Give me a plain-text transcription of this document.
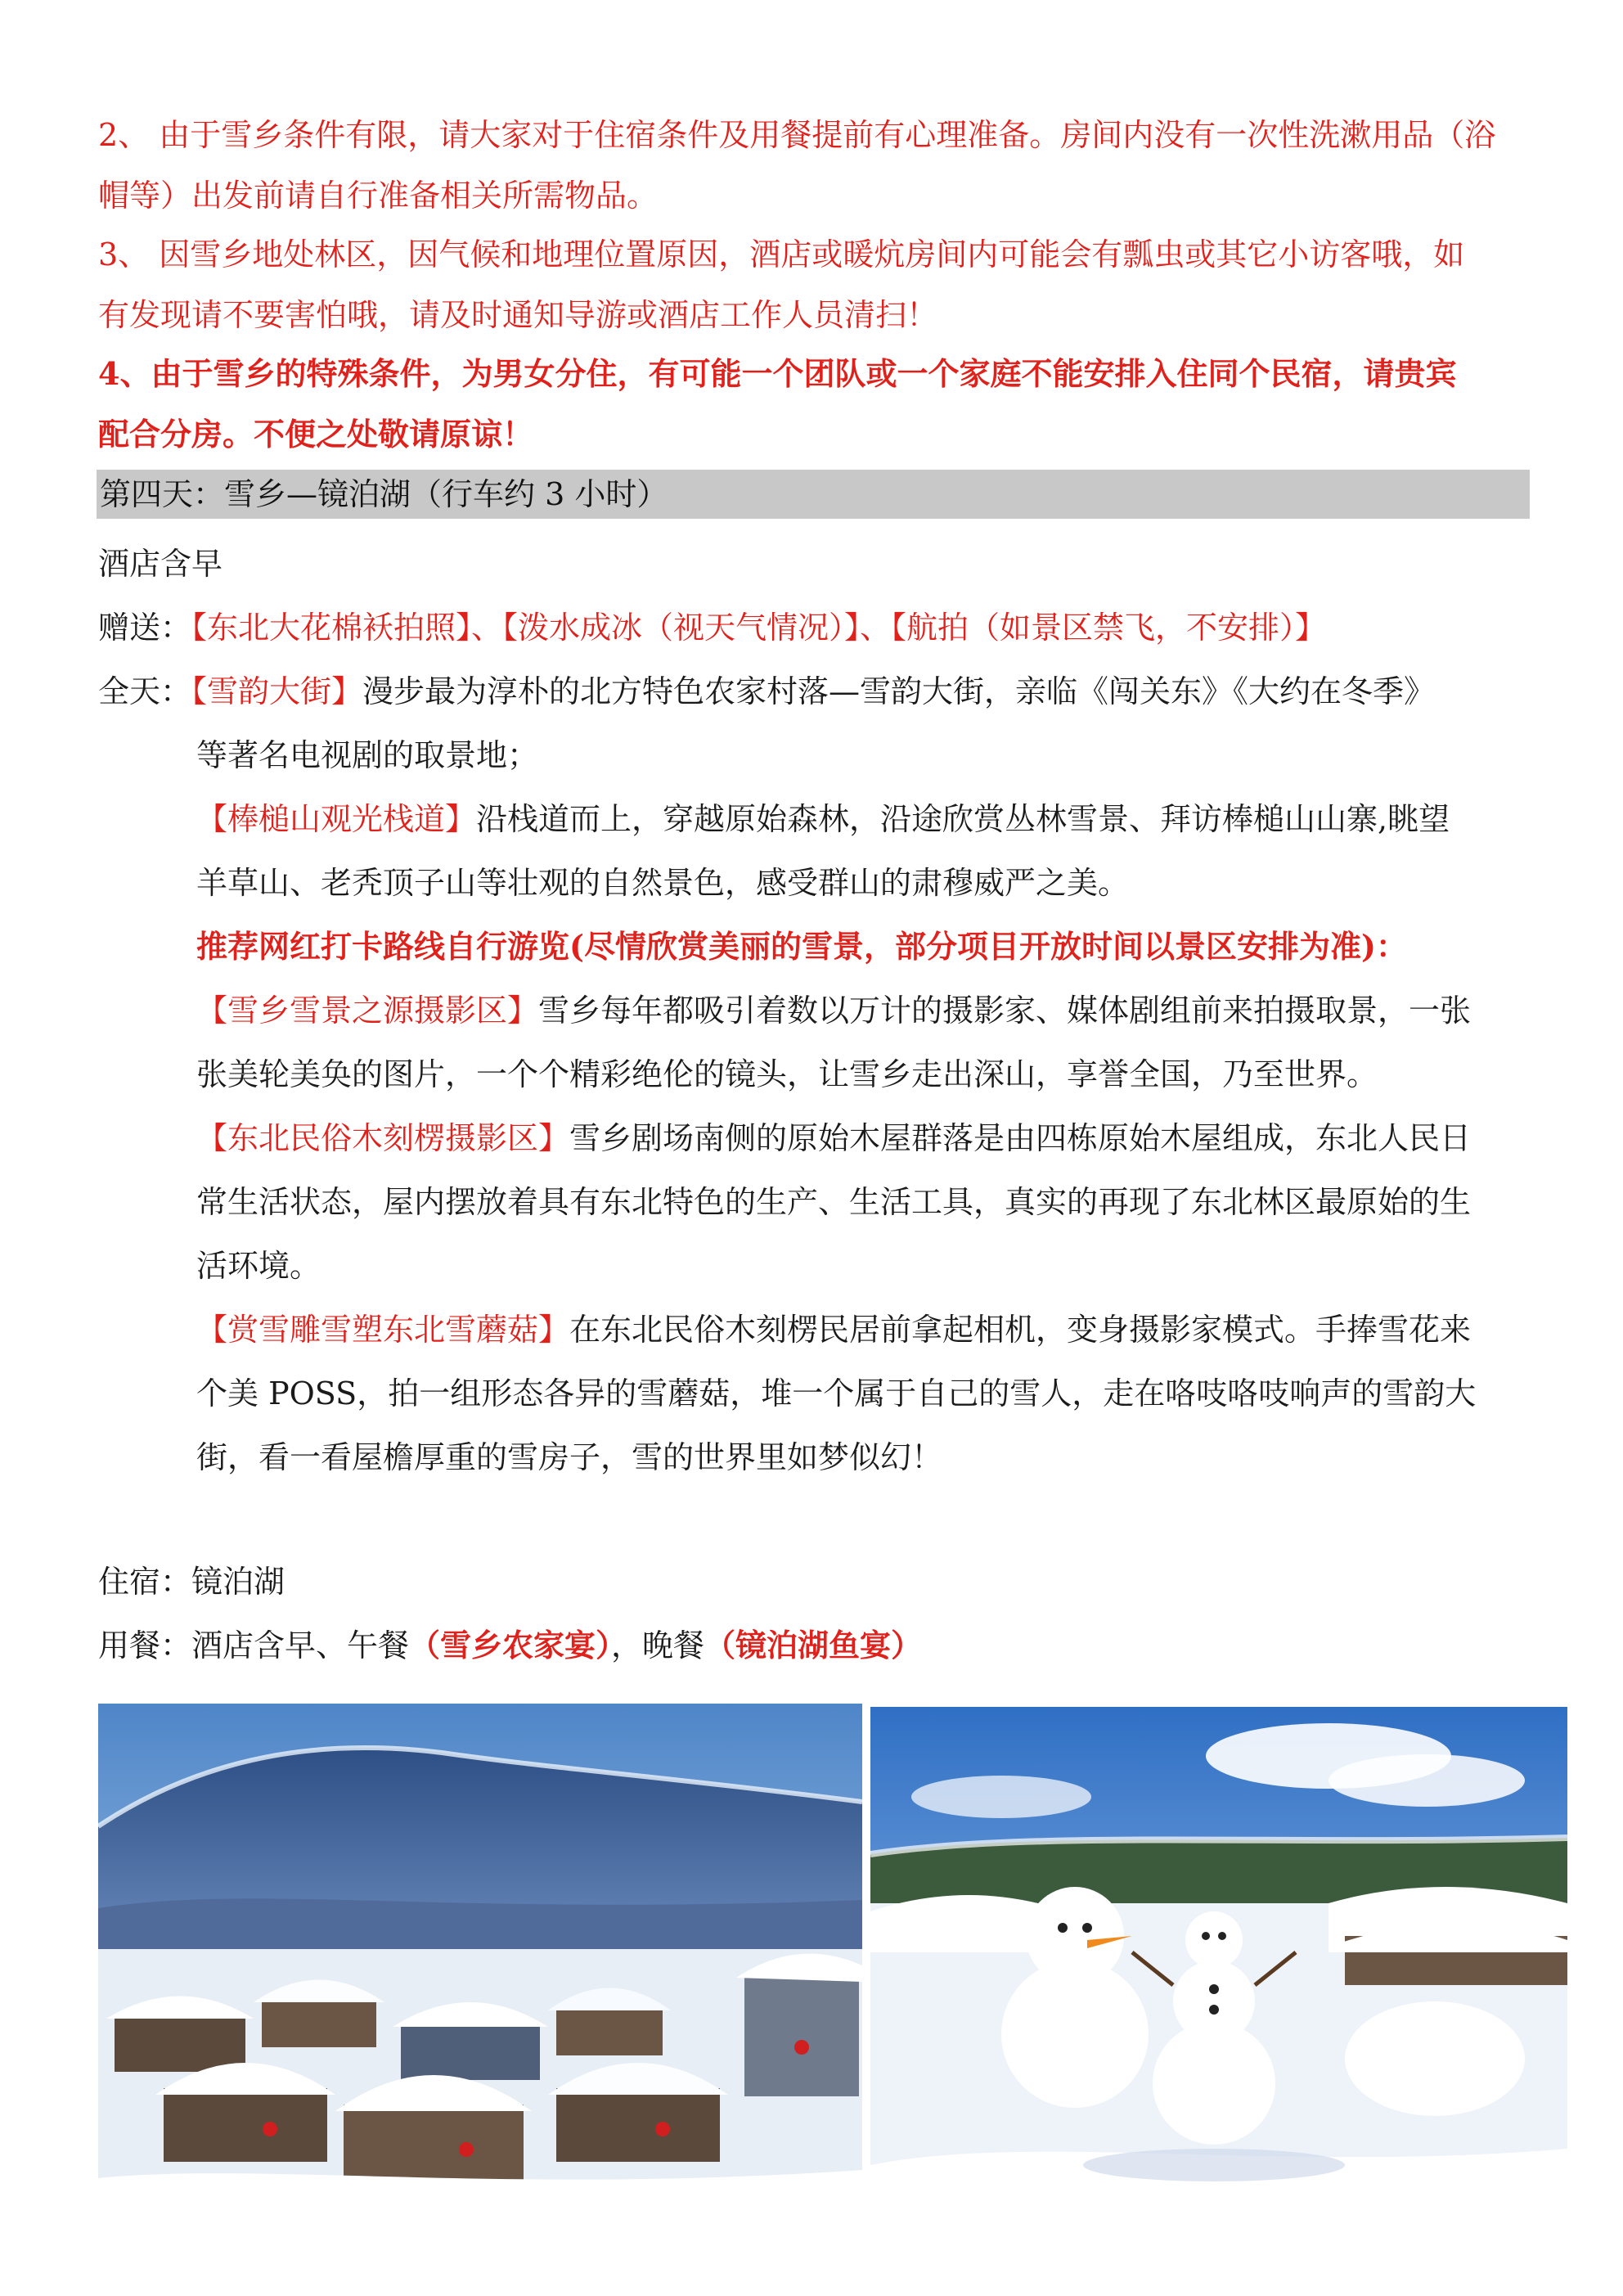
2、 由于雪乡条件有限，请大家对于住宿条件及用餐提前有心理准备。房间内没有一次性洗漱用品（浴
帽等）出发前请自行准备相关所需物品。
3、 因雪乡地处林区，因气候和地理位置原因，酒店或暖炕房间内可能会有瓢虫或其它小访客哦，如
有发现请不要害怕哦，请及时通知导游或酒店工作人员清扫！
4、由于雪乡的特殊条件，为男女分住，有可能一个团队或一个家庭不能安排入住同个民宿，请贵宾
配合分房。不便之处敬请原谅！
第四天：雪乡—镜泊湖（行车约 3 小时）
酒店含早
赠送：【东北大花棉袄拍照】、【泼水成冰（视天气情况）】、【航拍（如景区禁飞，不安排）】
全天：【雪韵大街】漫步最为淳朴的北方特色农家村落—雪韵大街，亲临《闯关东》《大约在冬季》
等著名电视剧的取景地；
【棒槌山观光栈道】沿栈道而上，穿越原始森林，沿途欣赏丛林雪景、拜访棒槌山山寨,眺望
羊草山、老秃顶子山等壮观的自然景色，感受群山的肃穆威严之美。
推荐网红打卡路线自行游览(尽情欣赏美丽的雪景，部分项目开放时间以景区安排为准)：
【雪乡雪景之源摄影区】雪乡每年都吸引着数以万计的摄影家、媒体剧组前来拍摄取景，一张
张美轮美奂的图片，一个个精彩绝伦的镜头，让雪乡走出深山，享誉全国，乃至世界。
【东北民俗木刻楞摄影区】雪乡剧场南侧的原始木屋群落是由四栋原始木屋组成，东北人民日
常生活状态，屋内摆放着具有东北特色的生产、生活工具，真实的再现了东北林区最原始的生
活环境。
【赏雪雕雪塑东北雪蘑菇】在东北民俗木刻楞民居前拿起相机，变身摄影家模式。手捧雪花来
个美 POSS，拍一组形态各异的雪蘑菇，堆一个属于自己的雪人，走在咯吱咯吱响声的雪韵大
街，看一看屋檐厚重的雪房子，雪的世界里如梦似幻！
住宿：镜泊湖
用餐：酒店含早、午餐（雪乡农家宴），晚餐（镜泊湖鱼宴）
